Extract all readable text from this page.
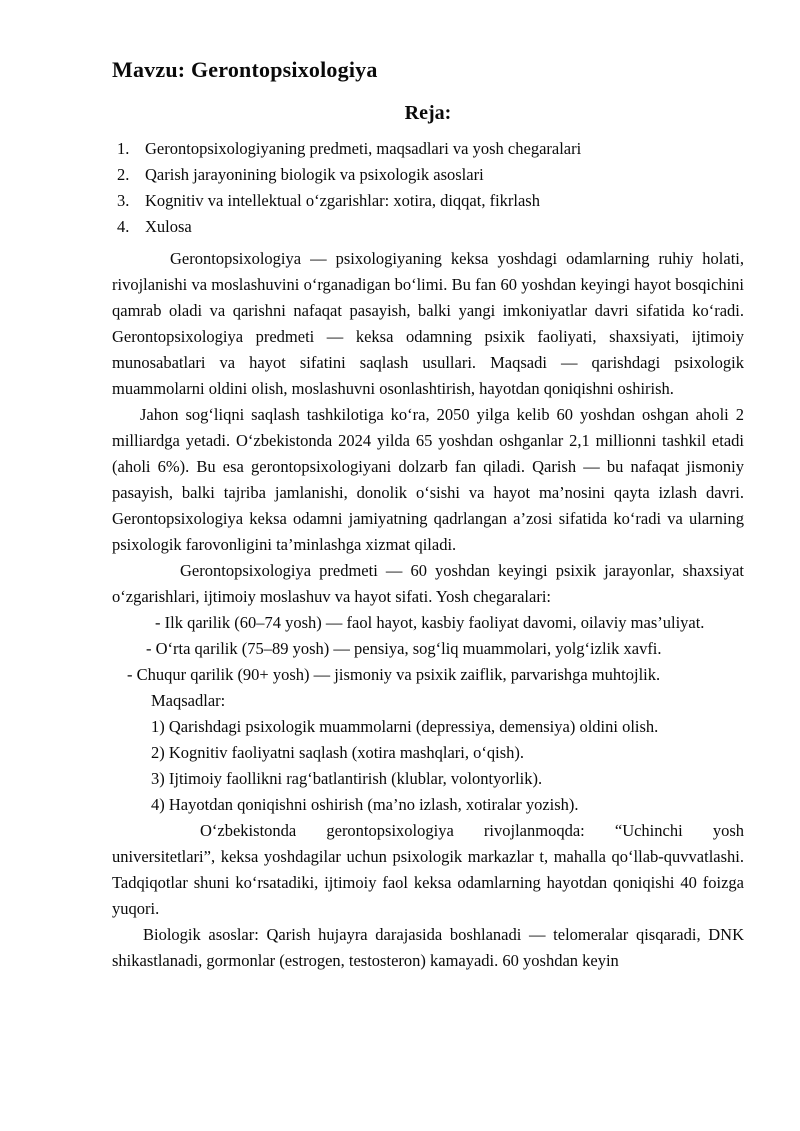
Mavzu: Gerontopsixologiya
Reja:
1. Gerontopsixologiyaning predmeti, maqsadlari va yosh chegaralari
2. Qarish jarayonining biologik va psixologik asoslari
3. Kognitiv va intellektual o‘zgarishlar: xotira, diqqat, fikrlash
4. Xulosa

Gerontopsixologiya — psixologiyaning keksa yoshdagi odamlarning ruhiy holati, rivojlanishi va moslashuvini o‘rganadigan bo‘limi. Bu fan 60 yoshdan keyingi hayot bosqichini qamrab oladi va qarishni nafaqat pasayish, balki yangi imkoniyatlar davri sifatida ko‘radi. Gerontopsixologiya predmeti — keksa odamning psixik faoliyati, shaxsiyati, ijtimoiy munosabatlari va hayot sifatini saqlash usullari. Maqsadi — qarishdagi psixologik muammolarni oldini olish, moslashuvni osonlashtirish, hayotdan qoniqishni oshirish.

Jahon sog‘liqni saqlash tashkilotiga ko‘ra, 2050 yilga kelib 60 yoshdan oshgan aholi 2 milliardga yetadi. O‘zbekistonda 2024 yilda 65 yoshdan oshganlar 2,1 millionni tashkil etadi (aholi 6%). Bu esa gerontopsixologiyani dolzarb fan qiladi. Qarish — bu nafaqat jismoniy pasayish, balki tajriba jamlanishi, donolik o‘sishi va hayot ma’nosini qayta izlash davri. Gerontopsixologiya keksa odamni jamiyatning qadrlangan a’zosi sifatida ko‘radi va ularning psixologik farovonligini ta’minlashga xizmat qiladi.

Gerontopsixologiya predmeti — 60 yoshdan keyingi psixik jarayonlar, shaxsiyat o‘zgarishlari, ijtimoiy moslashuv va hayot sifati. Yosh chegaralari:

- Ilk qarilik (60–74 yosh) — faol hayot, kasbiy faoliyat davomi, oilaviy mas’uliyat.

- O‘rta qarilik (75–89 yosh) — pensiya, sog‘liq muammolari, yolg‘izlik xavfi.

- Chuqur qarilik (90+ yosh) — jismoniy va psixik zaiflik, parvarishga muhtojlik.

Maqsadlar:

1) Qarishdagi psixologik muammolarni (depressiya, demensiya) oldini olish.

2) Kognitiv faoliyatni saqlash (xotira mashqlari, o‘qish).

3) Ijtimoiy faollikni rag‘batlantirish (klublar, volontyorlik).

4) Hayotdan qoniqishni oshirish (ma’no izlash, xotiralar yozish).

O‘zbekistonda gerontopsixologiya rivojlanmoqda: “Uchinchi yosh universitetlari”, keksa yoshdagilar uchun psixologik markazlar t, mahalla qo‘llab-quvvatlashi. Tadqiqotlar shuni ko‘rsatadiki, ijtimoiy faol keksa odamlarning hayotdan qoniqishi 40 foizga yuqori.

Biologik asoslar: Qarish hujayra darajasida boshlanadi — telomeralar qisqaradi, DNK shikastlanadi, gormonlar (estrogen, testosteron) kamayadi. 60 yoshdan keyin
